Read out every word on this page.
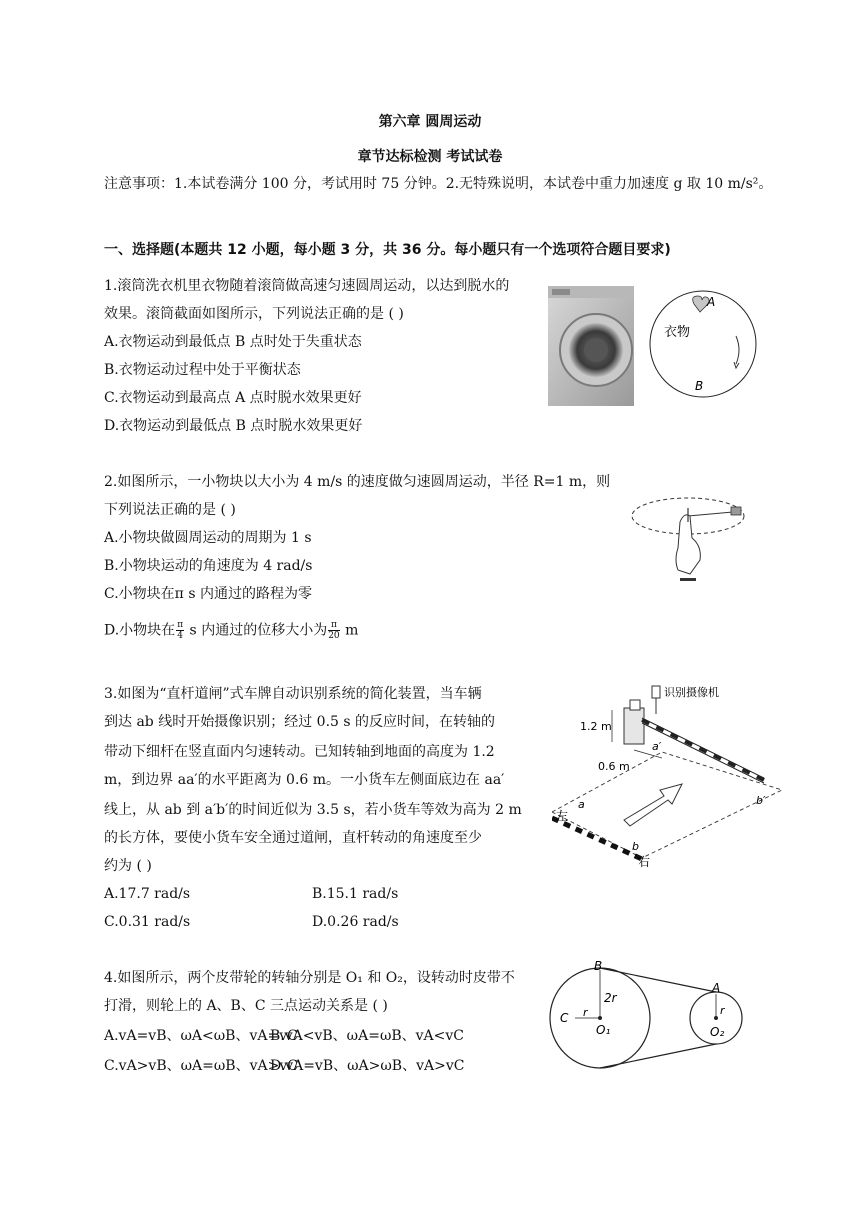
第六章 圆周运动
章节达标检测 考试试卷
注意事项：1.本试卷满分 100 分，考试用时 75 分钟。2.无特殊说明，本试卷中重力加速度 g 取 10 m/s²。
一、选择题(本题共 12 小题，每小题 3 分，共 36 分。每小题只有一个选项符合题目要求)
1.滚筒洗衣机里衣物随着滚筒做高速匀速圆周运动，以达到脱水的
效果。滚筒截面如图所示，下列说法正确的是 ( )
A.衣物运动到最低点 B 点时处于失重状态
B.衣物运动过程中处于平衡状态
C.衣物运动到最高点 A 点时脱水效果更好
D.衣物运动到最低点 B 点时脱水效果更好
A
衣物
B
2.如图所示，一小物块以大小为 4 m/s 的速度做匀速圆周运动，半径 R=1 m，则
下列说法正确的是 ( )
A.小物块做圆周运动的周期为 1 s
B.小物块运动的角速度为 4 rad/s
C.小物块在π s 内通过的路程为零
D.小物块在 $\frac{\pi}{4}$ s 内通过的位移大小为 $\frac{\pi}{20}$ m
3.如图为“直杆道闸”式车牌自动识别系统的简化装置，当车辆
到达 ab 线时开始摄像识别；经过 0.5 s 的反应时间，在转轴的
带动下细杆在竖直面内匀速转动。已知转轴到地面的高度为 1.2
m，到边界 aa′的水平距离为 0.6 m。一小货车左侧面底边在 aa′
线上，从 ab 到 a′b′的时间近似为 3.5 s，若小货车等效为高为 2 m
的长方体，要使小货车安全通过道闸，直杆转动的角速度至少
约为 ( )
A.17.7 rad/s	B.15.1 rad/s
C.0.31 rad/s	D.0.26 rad/s
识别摄像机
1.2 m
0.6 m
a′
b′
a
b
左
右
4.如图所示，两个皮带轮的转轴分别是 O₁ 和 O₂，设转动时皮带不
打滑，则轮上的 A、B、C 三点运动关系是 ( )
A.vA=vB、ωA<ωB、vA=vC
B.vA<vB、ωA=ωB、vA<vC
C.vA>vB、ωA=ωB、vA>vC
D.vA=vB、ωA>ωB、vA>vC
B
2r
C r
O₁
A
r
O₂
